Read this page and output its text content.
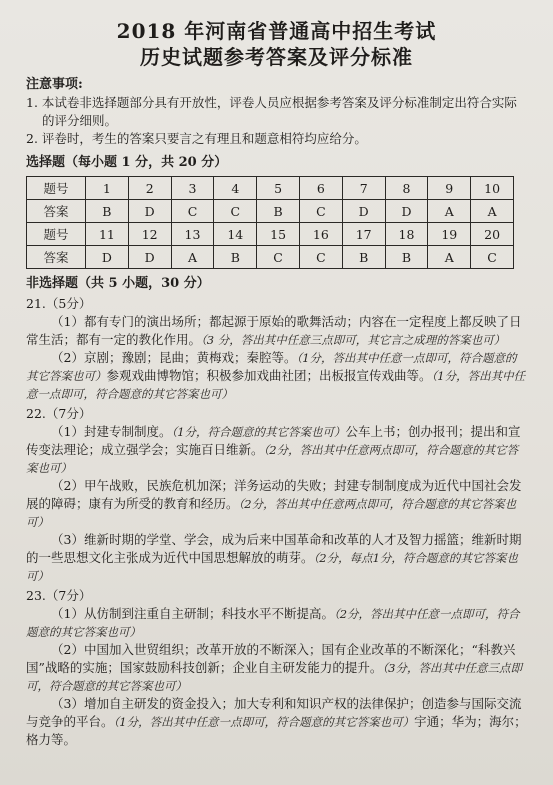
2018 年河南省普通高中招生考试
历史试题参考答案及评分标准
注意事项:
1. 本试卷非选择题部分具有开放性，评卷人员应根据参考答案及评分标准制定出符合实际的评分细则。
2. 评卷时，考生的答案只要言之有理且和题意相符均应给分。
选择题（每小题 1 分，共 20 分）
题号	1	2	3	4	5	6	7	8	9	10
答案	B	D	C	C	B	C	D	D	A	A
题号	11	12	13	14	15	16	17	18	19	20
答案	D	D	A	B	C	C	B	B	A	C
非选择题（共 5 小题，30 分）
21.（5分）
（1）都有专门的演出场所；都起源于原始的歌舞活动；内容在一定程度上都反映了日常生活；都有一定的教化作用。（3 分，答出其中任意三点即可，其它言之成理的答案也可）
（2）京剧；豫剧；昆曲；黄梅戏；秦腔等。（1分，答出其中任意一点即可，符合题意的其它答案也可）参观戏曲博物馆；积极参加戏曲社团；出板报宣传戏曲等。（1分，答出其中任意一点即可，符合题意的其它答案也可）
22.（7分）
（1）封建专制制度。（1分，符合题意的其它答案也可）公车上书；创办报刊；提出和宣传变法理论；成立强学会；实施百日维新。（2分，答出其中任意两点即可，符合题意的其它答案也可）
（2）甲午战败，民族危机加深；洋务运动的失败；封建专制制度成为近代中国社会发展的障碍；康有为所受的教育和经历。（2分，答出其中任意两点即可，符合题意的其它答案也可）
（3）维新时期的学堂、学会，成为后来中国革命和改革的人才及智力摇篮；维新时期的一些思想文化主张成为近代中国思想解放的萌芽。（2分，每点1分，符合题意的其它答案也可）
23.（7分）
（1）从仿制到注重自主研制；科技水平不断提高。（2分，答出其中任意一点即可，符合题意的其它答案也可）
（2）中国加入世贸组织；改革开放的不断深入；国有企业改革的不断深化；“科教兴国”战略的实施；国家鼓励科技创新；企业自主研发能力的提升。（3分，答出其中任意三点即可，符合题意的其它答案也可）
（3）增加自主研发的资金投入；加大专利和知识产权的法律保护；创造参与国际交流与竞争的平台。（1分，答出其中任意一点即可，符合题意的其它答案也可）宇通；华为；海尔；格力等。
